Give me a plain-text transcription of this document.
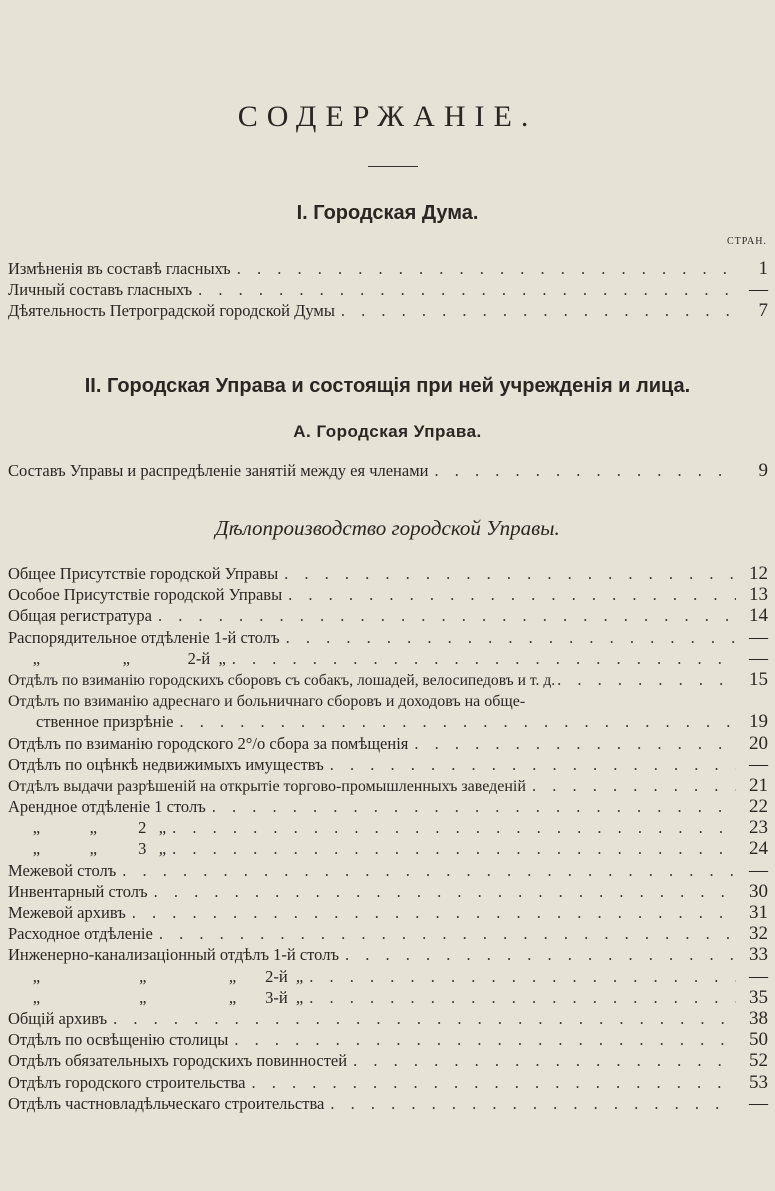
СОДЕРЖАНІЕ.
I. Городская Дума.
СТРАН.
Измѣненія въ составѣ гласныхъ . . .	1
Личный составъ гласныхъ . . .	—
Дѣятельность Петроградской городской Думы . . .	7
II. Городская Управа и состоящія при ней учрежденія и лица.
А. Городская Управа.
Составъ Управы и распредѣленіе занятій между ея членами . . .	9
Дѣлопроизводство городской Управы.
Общее Присутствіе городской Управы . . .	12
Особое Присутствіе городской Управы . . .	13
Общая регистратура . . .	14
Распорядительное отдѣленіе 1-й столъ . . .	—
„                    „              2-й  „ . . .	—
Отдѣлъ по взиманію городскихъ сборовъ съ собакъ, лошадей, велосипедовъ и т. д. . . .	15
Отдѣлъ по взиманію адреснаго и больничнаго сборовъ и доходовъ на обще-
ственное призрѣніе . . .	19
Отдѣлъ по взиманію городского 2°/о сбора за помѣщенія . . .	20
Отдѣлъ по оцѣнкѣ недвижимыхъ имуществъ . . .	—
Отдѣлъ выдачи разрѣшеній на открытіе торгово-промышленныхъ заведеній . . .	21
Арендное отдѣленіе 1 столъ . . .	22
„            „          2   „ . . .	23
„            „          3   „ . . .	24
Межевой столъ . . .	—
Инвентарный столъ . . .	30
Межевой архивъ . . .	31
Расходное отдѣленіе . . .	32
Инженерно-канализаціонный отдѣлъ 1-й столъ . . .	33
„                        „                    „       2-й  „ . . .	—
„                        „                    „       3-й  „ . . .	35
Общій архивъ . . .	38
Отдѣлъ по освѣщенію столицы . . .	50
Отдѣлъ обязательныхъ городскихъ повинностей . . .	52
Отдѣлъ городского строительства . . .	53
Отдѣлъ частновладѣльческаго строительства . . .	—
